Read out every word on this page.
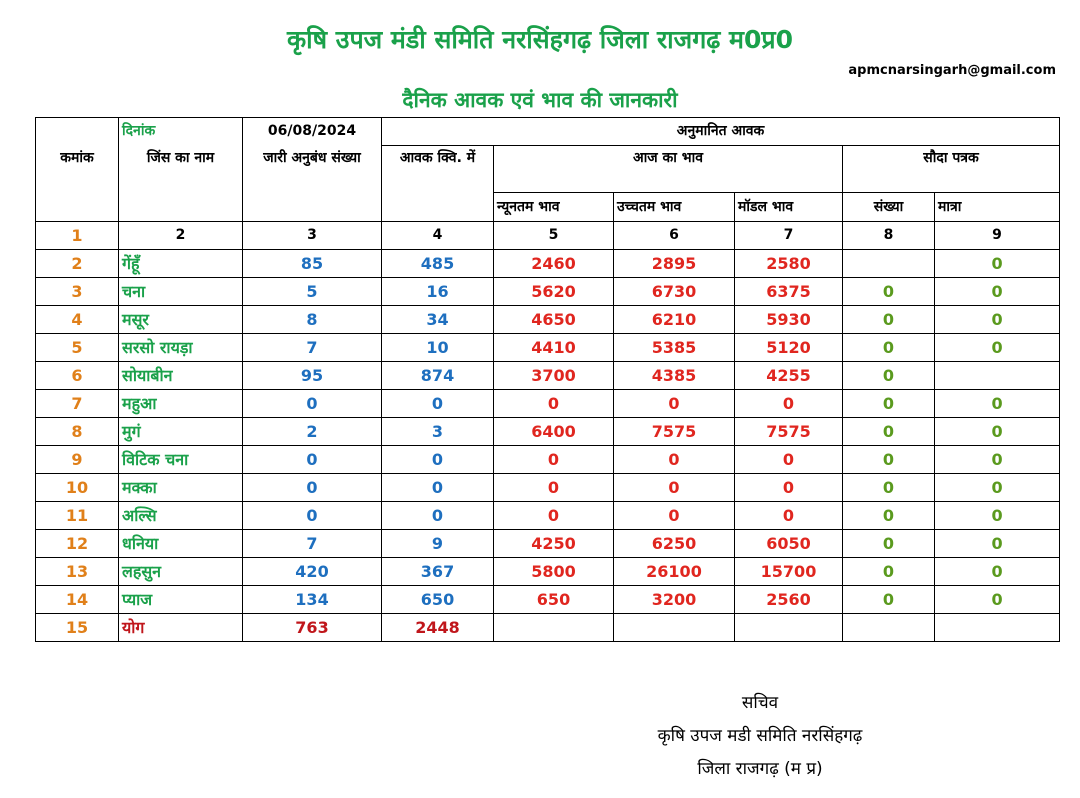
कृषि उपज मंडी समिति नरसिंहगढ़ जिला राजगढ़ म0प्र0
apmcnarsingarh@gmail.com
दैनिक आवक एवं भाव की जानकारी
	दिनांक	06/08/2024	अनुमानित आवक					
कमांक	जिंस का नाम	जारी अनुबंध संख्या	आवक क्वि. में	आज का भाव			सौदा पत्रक	
				न्यूनतम भाव	उच्चतम भाव	मॉडल भाव	संख्या	मात्रा
1	2	3	4	5	6	7	8	9
2	गेंहूँ	85	485	2460	2895	2580		0
3	चना	5	16	5620	6730	6375	0	0
4	मसूर	8	34	4650	6210	5930	0	0
5	सरसो रायड़ा	7	10	4410	5385	5120	0	0
6	सोयाबीन	95	874	3700	4385	4255	0	
7	महुआ	0	0	0	0	0	0	0
8	मुगं	2	3	6400	7575	7575	0	0
9	विटिक चना	0	0	0	0	0	0	0
10	मक्का	0	0	0	0	0	0	0
11	अल्सि	0	0	0	0	0	0	0
12	धनिया	7	9	4250	6250	6050	0	0
13	लहसुन	420	367	5800	26100	15700	0	0
14	प्याज	134	650	650	3200	2560	0	0
15	योग	763	2448					
सचिव
कृषि उपज मडी समिति नरसिंहगढ़
जिला राजगढ़ (म प्र)
